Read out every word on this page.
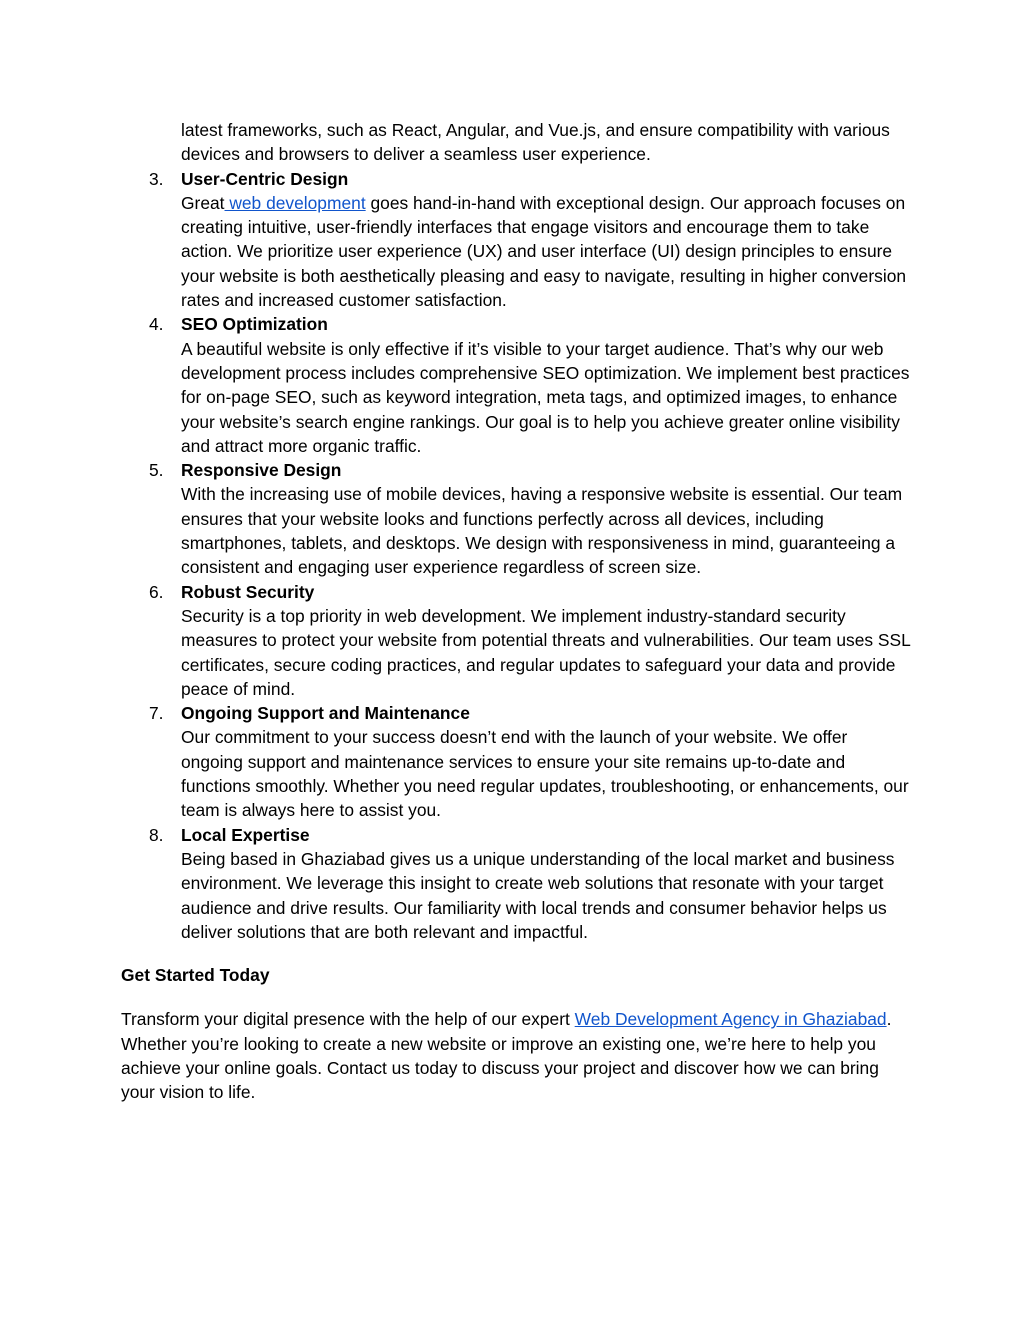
latest frameworks, such as React, Angular, and Vue.js, and ensure compatibility with various devices and browsers to deliver a seamless user experience.

3.	User-Centric Design
Great web development goes hand-in-hand with exceptional design. Our approach focuses on creating intuitive, user-friendly interfaces that engage visitors and encourage them to take action. We prioritize user experience (UX) and user interface (UI) design principles to ensure your website is both aesthetically pleasing and easy to navigate, resulting in higher conversion rates and increased customer satisfaction.
4.	SEO Optimization
A beautiful website is only effective if it’s visible to your target audience. That’s why our web development process includes comprehensive SEO optimization. We implement best practices for on-page SEO, such as keyword integration, meta tags, and optimized images, to enhance your website’s search engine rankings. Our goal is to help you achieve greater online visibility and attract more organic traffic.
5.	Responsive Design
With the increasing use of mobile devices, having a responsive website is essential. Our team ensures that your website looks and functions perfectly across all devices, including smartphones, tablets, and desktops. We design with responsiveness in mind, guaranteeing a consistent and engaging user experience regardless of screen size.
6.	Robust Security
Security is a top priority in web development. We implement industry-standard security measures to protect your website from potential threats and vulnerabilities. Our team uses SSL certificates, secure coding practices, and regular updates to safeguard your data and provide peace of mind.
7.	Ongoing Support and Maintenance
Our commitment to your success doesn’t end with the launch of your website. We offer ongoing support and maintenance services to ensure your site remains up-to-date and functions smoothly. Whether you need regular updates, troubleshooting, or enhancements, our team is always here to assist you.
8.	Local Expertise
Being based in Ghaziabad gives us a unique understanding of the local market and business environment. We leverage this insight to create web solutions that resonate with your target audience and drive results. Our familiarity with local trends and consumer behavior helps us deliver solutions that are both relevant and impactful.
Get Started Today
Transform your digital presence with the help of our expert Web Development Agency in Ghaziabad. Whether you’re looking to create a new website or improve an existing one, we’re here to help you achieve your online goals. Contact us today to discuss your project and discover how we can bring your vision to life.
